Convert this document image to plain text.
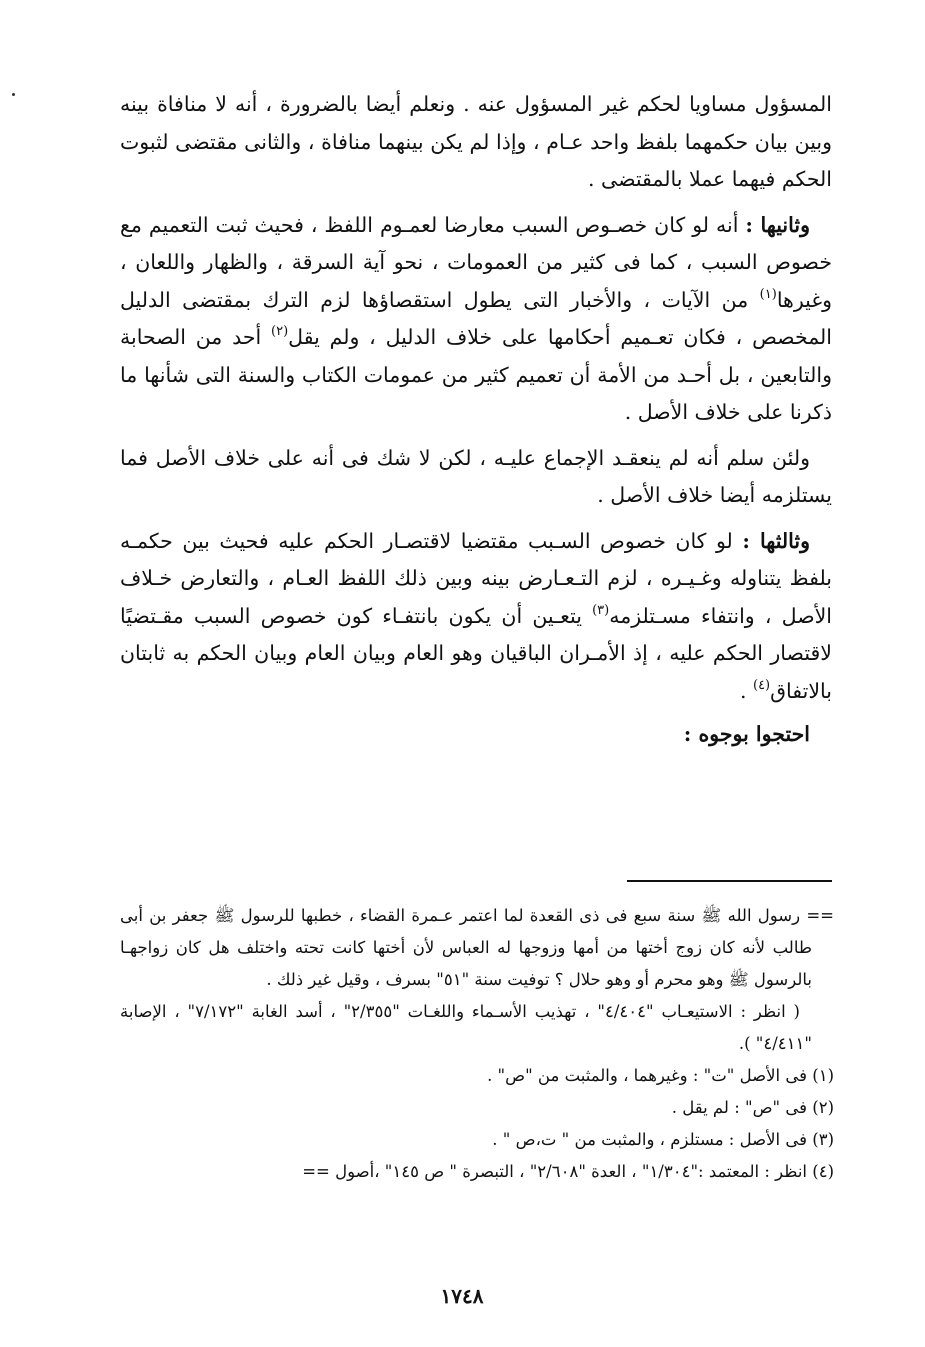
المسؤول مساويا لحكم غير المسؤول عنه . ونعلم أيضا بالضرورة ، أنه لا منافاة بينه وبين بيان حكمهما بلفظ واحد عـام ، وإذا لم يكن بينهما منافاة ، والثانى مقتضى لثبوت الحكم فيهما عملا بالمقتضى .

وثانيها : أنه لو كان خصـوص السبب معارضا لعمـوم اللفظ ، فحيث ثبت التعميم مع خصوص السبب ، كما فى كثير من العمومات ، نحو آية السرقة ، والظهار واللعان ، وغيرها$^{(١)}$ من الآيات ، والأخبار التى يطول استقصاؤها لزم الترك بمقتضى الدليل المخصص ، فكان تعـميم أحكامها على خلاف الدليل ، ولم يقل$^{(٢)}$ أحد من الصحابة والتابعين ، بل أحـد من الأمة أن تعميم كثير من عمومات الكتاب والسنة التى شأنها ما ذكرنا على خلاف الأصل .

ولئن سلم أنه لم ينعقـد الإجماع عليـه ، لكن لا شك فى أنه على خلاف الأصل فما يستلزمه أيضا خلاف الأصل .

وثالثها : لو كان خصوص السـبب مقتضيا لاقتصـار الحكم عليه فحيث بين حكمـه بلفظ يتناوله وغـيـره ، لزم التـعـارض بينه وبين ذلك اللفظ العـام ، والتعارض خـلاف الأصل ، وانتفاء مسـتلزمه$^{(٣)}$ يتعـين أن يكون بانتفـاء كون خصوص السبب مقـتضيًا لاقتصار الحكم عليه ، إذ الأمـران الباقيان وهو العام وبيان العام وبيان الحكم به ثابتان بالاتفاق$^{(٤)}$ .

احتجوا بوجوه :

== رسول الله ﷺ سنة سبع فى ذى القعدة لما اعتمر عـمرة القضاء ، خطبها للرسول ﷺ جعفر بن أبى طالب لأنه كان زوج أختها من أمها وزوجها له العباس لأن أختها كانت تحته واختلف هل كان زواجهـا بالرسول ﷺ وهو محرم أو وهو حلال ؟ توفيت سنة "٥١" بسرف ، وقيل غير ذلك .

( انظر : الاستيعـاب "٤/٤٠٤" ، تهذيب الأسـماء واللغـات "٢/٣٥٥" ، أسد الغابة "٧/١٧٢" ، الإصابة "٤/٤١١" ).

(١) فى الأصل "ت" : وغيرهما ، والمثبت من "ص" .

(٢) فى "ص" : لم يقل .

(٣) فى الأصل : مستلزم ، والمثبت من " ت،ص " .

(٤) انظر : المعتمد :"١/٣٠٤" ، العدة "٢/٦٠٨" ، التبصرة " ص ١٤٥" ،أصول ==

١٧٤٨
